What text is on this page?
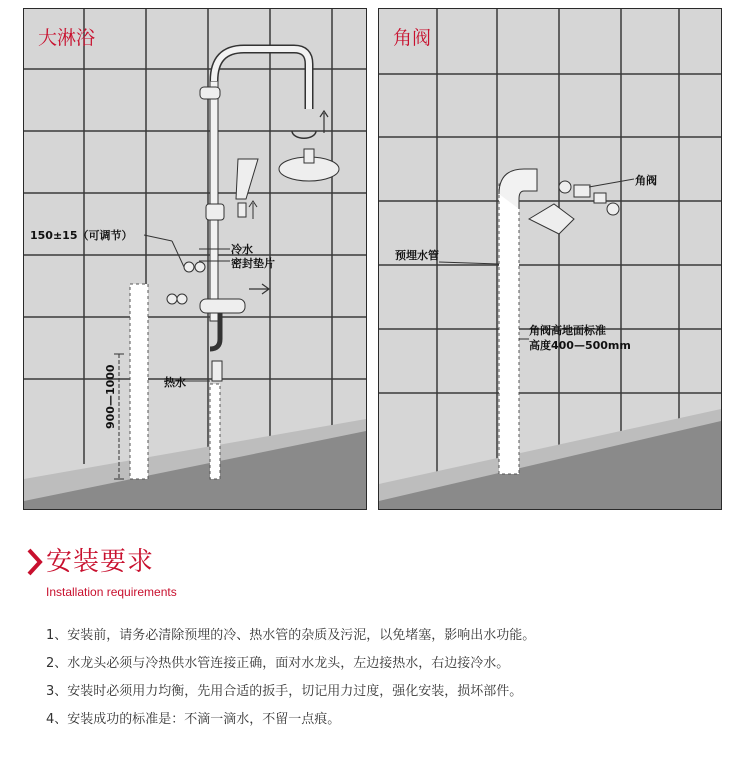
大淋浴
150±15（可调节）
冷水
密封垫片
热水
900—1000
角阀
角阀
预埋水管
角阀高地面标准
高度400—500mm
安装要求
Installation requirements
1、安装前，请务必清除预埋的冷、热水管的杂质及污泥，以免堵塞，影响出水功能。
2、水龙头必须与冷热供水管连接正确，面对水龙头，左边接热水，右边接冷水。
3、安装时必须用力均衡，先用合适的扳手，切记用力过度，强化安装，损坏部件。
4、安装成功的标准是：不滴一滴水，不留一点痕。
